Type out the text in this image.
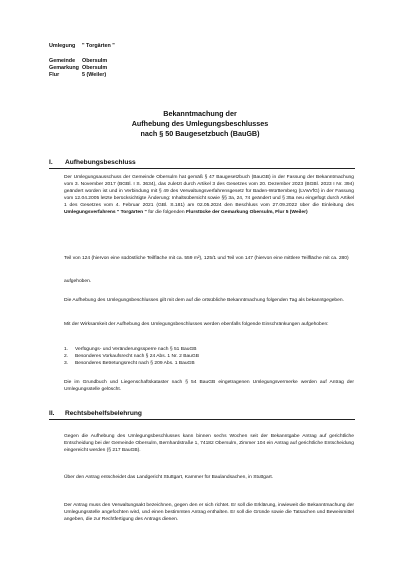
Umlegung " Torgärten "
Gemeinde Obersulm
Gemarkung Obersulm
Flur	5 (Weiler)
Bekanntmachung der
Aufhebung des Umlegungsbeschlusses
nach § 50 Baugesetzbuch (BauGB)
I. Aufhebungsbeschluss

Der Umlegungsausschuss der Gemeinde Obersulm hat gemäß § 47 Baugesetzbuch (BauGB) in der Fassung der Bekanntmachung vom 3. November 2017 (BGBl. I S. 3634), das zuletzt durch Artikel 3 des Gesetzes vom 20. Dezember 2023 (BGBl. 2023 I Nr. 394) geändert worden ist und in Verbindung mit § 49 des Verwaltungsverfahrensgesetz für Baden-Württemberg (LVwVfG) in der Fassung vom 12.04.2005 letzte berücksichtigte Änderung: Inhaltsübersicht sowie §§ 3a, 24, 74 geändert und § 35a neu eingefügt durch Artikel 1 des Gesetzes vom 4. Februar 2021 (GBl. S.181) am 02.05.2024 den Beschluss vom 27.09.2022 über die Einleitung des Umlegungsverfahrens " Torgärten " für die folgenden Flurstücke der Gemarkung Obersulm, Flur 5 (Weiler)

Teil von 124 (hiervon eine südöstliche Teilfläche mit ca. 559 m²), 125/1 und Teil von 147 (hiervon eine mittlere Teilfläche mit ca. 280)

aufgehoben.

Die Aufhebung des Umlegungsbeschlusses gilt mit dem auf die ortsübliche Bekanntmachung folgenden Tag als bekanntgegeben.

Mit der Wirksamkeit der Aufhebung des Umlegungsbeschlusses werden ebenfalls folgende Einschränkungen aufgehoben:

1. Verfügungs- und Veränderungssperre nach § 51 BauGB
2. Besonderes Vorkaufsrecht nach § 24 Abs. 1 Nr. 2 BauGB
3. Besonderes Betretungsrecht nach § 209 Abs. 1 BauGB

Die im Grundbuch und Liegenschaftskataster nach § 54 BauGB eingetragenen Umlegungsvermerke werden auf Antrag der Umlegungsstelle gelöscht.

II. Rechtsbehelfsbelehrung

Gegen die Aufhebung des Umlegungsbeschlusses kann binnen sechs Wochen seit der Bekanntgabe Antrag auf gerichtliche Entscheidung bei der Gemeinde Obersulm, Bernhardstraße 1, 74182 Obersulm, Zimmer 104 ein Antrag auf gerichtliche Entscheidung eingereicht werden (§ 217 BauGB).

Über den Antrag entscheidet das Landgericht Stuttgart, Kammer für Baulandsachen, in Stuttgart.

Der Antrag muss den Verwaltungsakt bezeichnen, gegen den er sich richtet. Er soll die Erklärung, inwieweit die Bekanntmachung der Umlegungsstelle angefochten wird, und einen bestimmten Antrag enthalten. Er soll die Gründe sowie die Tatsachen und Beweismittel angeben, die zur Rechtfertigung des Antrags dienen.
